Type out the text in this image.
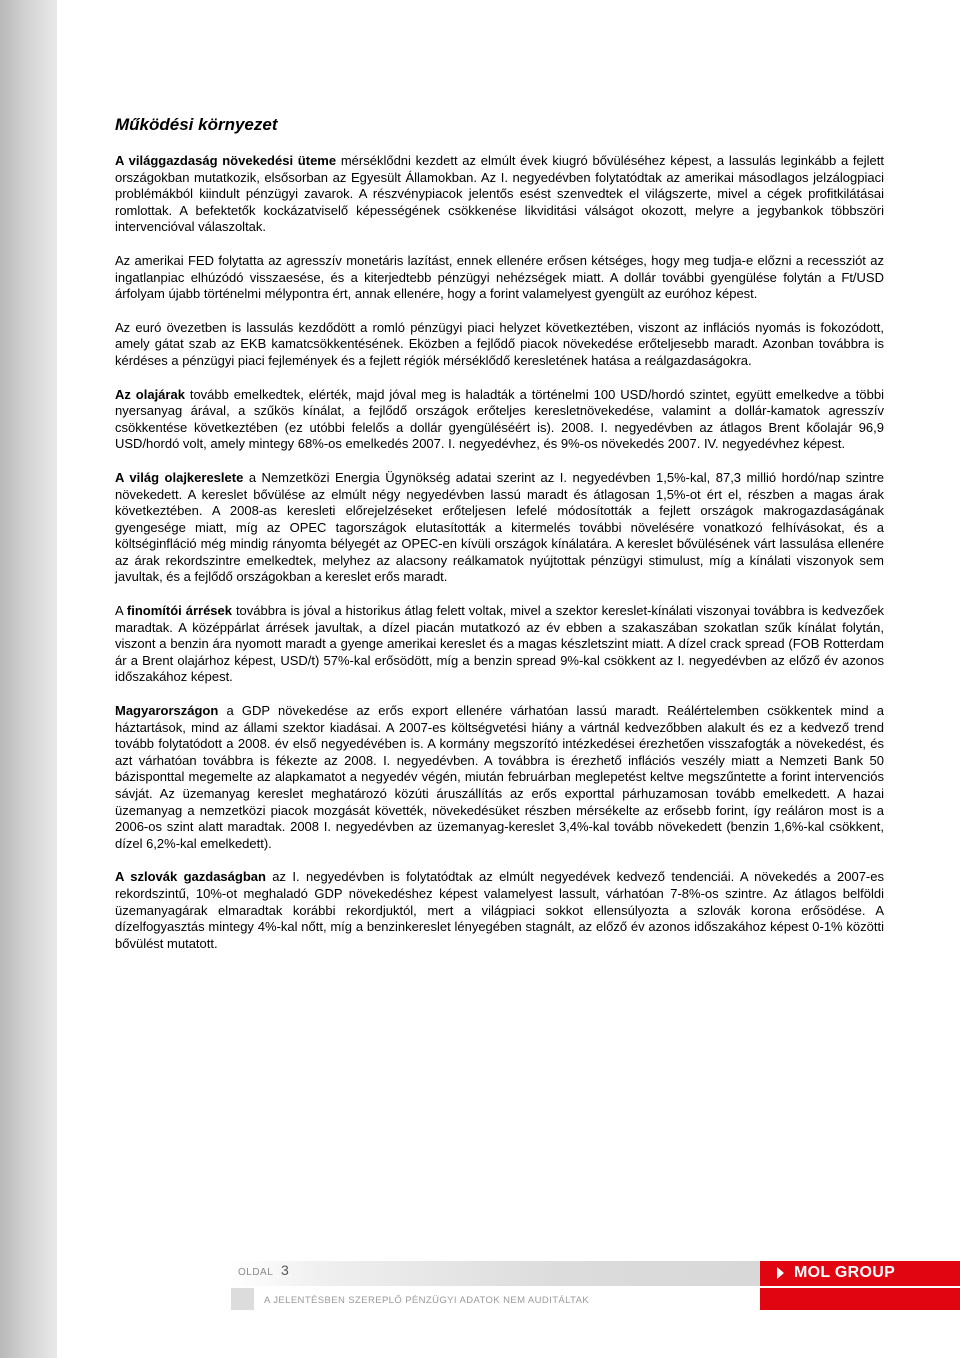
Működési környezet

A világgazdaság növekedési üteme mérséklődni kezdett az elmúlt évek kiugró bővüléséhez képest, a lassulás leginkább a fejlett országokban mutatkozik, elsősorban az Egyesült Államokban. Az I. negyedévben folytatódtak az amerikai másodlagos jelzálogpiaci problémákból kiindult pénzügyi zavarok. A részvénypiacok jelentős esést szenvedtek el világszerte, mivel a cégek profitkilátásai romlottak. A befektetők kockázatviselő képességének csökkenése likviditási válságot okozott, melyre a jegybankok többszöri intervencióval válaszoltak.

Az amerikai FED folytatta az agresszív monetáris lazítást, ennek ellenére erősen kétséges, hogy meg tudja-e előzni a recessziót az ingatlanpiac elhúzódó visszaesése, és a kiterjedtebb pénzügyi nehézségek miatt. A dollár további gyengülése folytán a Ft/USD árfolyam újabb történelmi mélypontra ért, annak ellenére, hogy a forint valamelyest gyengült az euróhoz képest.

Az euró övezetben is lassulás kezdődött a romló pénzügyi piaci helyzet következtében, viszont az inflációs nyomás is fokozódott, amely gátat szab az EKB kamatcsökkentésének. Eközben a fejlődő piacok növekedése erőteljesebb maradt. Azonban továbbra is kérdéses a pénzügyi piaci fejlemények és a fejlett régiók mérséklődő keresletének hatása a reálgazdaságokra.

Az olajárak tovább emelkedtek, elérték, majd jóval meg is haladták a történelmi 100 USD/hordó szintet, együtt emelkedve a többi nyersanyag árával, a szűkös kínálat, a fejlődő országok erőteljes keresletnövekedése, valamint a dollár-kamatok agresszív csökkentése következtében (ez utóbbi felelős a dollár gyengüléséért is). 2008. I. negyedévben az átlagos Brent kőolajár 96,9 USD/hordó volt, amely mintegy 68%-os emelkedés 2007. I. negyedévhez, és 9%-os növekedés 2007. IV. negyedévhez képest.

A világ olajkereslete a Nemzetközi Energia Ügynökség adatai szerint az I. negyedévben 1,5%-kal, 87,3 millió hordó/nap szintre növekedett. A kereslet bővülése az elmúlt négy negyedévben lassú maradt és átlagosan 1,5%-ot ért el, részben a magas árak következtében. A 2008-as keresleti előrejelzéseket erőteljesen lefelé módosították a fejlett országok makrogazdaságának gyengesége miatt, míg az OPEC tagországok elutasították a kitermelés további növelésére vonatkozó felhívásokat, és a költséginfláció még mindig rányomta bélyegét az OPEC-en kívüli országok kínálatára. A kereslet bővülésének várt lassulása ellenére az árak rekordszintre emelkedtek, melyhez az alacsony reálkamatok nyújtottak pénzügyi stimulust, míg a kínálati viszonyok sem javultak, és a fejlődő országokban a kereslet erős maradt.

A finomítói árrések továbbra is jóval a historikus átlag felett voltak, mivel a szektor kereslet-kínálati viszonyai továbbra is kedvezőek maradtak. A középpárlat árrések javultak, a dízel piacán mutatkozó az év ebben a szakaszában szokatlan szűk kínálat folytán, viszont a benzin ára nyomott maradt a gyenge amerikai kereslet és a magas készletszint miatt. A dízel crack spread (FOB Rotterdam ár a Brent olajárhoz képest, USD/t) 57%-kal erősödött, míg a benzin spread 9%-kal csökkent az I. negyedévben az előző év azonos időszakához képest.

Magyarországon a GDP növekedése az erős export ellenére várhatóan lassú maradt. Reálértelemben csökkentek mind a háztartások, mind az állami szektor kiadásai. A 2007-es költségvetési hiány a vártnál kedvezőbben alakult és ez a kedvező trend tovább folytatódott a 2008. év első negyedévében is. A kormány megszorító intézkedései érezhetően visszafogták a növekedést, és azt várhatóan továbbra is fékezte az 2008. I. negyedévben. A továbbra is érezhető inflációs veszély miatt a Nemzeti Bank 50 bázisponttal megemelte az alapkamatot a negyedév végén, miután februárban meglepetést keltve megszűntette a forint intervenciós sávját. Az üzemanyag kereslet meghatározó közúti áruszállítás az erős exporttal párhuzamosan tovább emelkedett. A hazai üzemanyag a nemzetközi piacok mozgását követték, növekedésüket részben mérsékelte az erősebb forint, így reáláron most is a 2006-os szint alatt maradtak. 2008 I. negyedévben az üzemanyag-kereslet 3,4%-kal tovább növekedett (benzin 1,6%-kal csökkent, dízel 6,2%-kal emelkedett).

A szlovák gazdaságban az I. negyedévben is folytatódtak az elmúlt negyedévek kedvező tendenciái. A növekedés a 2007-es rekordszintű, 10%-ot meghaladó GDP növekedéshez képest valamelyest lassult, várhatóan 7-8%-os szintre. Az átlagos belföldi üzemanyagárak elmaradtak korábbi rekordjuktól, mert a világpiaci sokkot ellensúlyozta a szlovák korona erősödése. A dízelfogyasztás mintegy 4%-kal nőtt, míg a benzinkereslet lényegében stagnált, az előző év azonos időszakához képest 0-1% közötti bővülést mutatott.

OLDAL 3	MOL GROUP
A JELENTÉSBEN SZEREPLŐ PÉNZÜGYI ADATOK NEM AUDITÁLTAK
